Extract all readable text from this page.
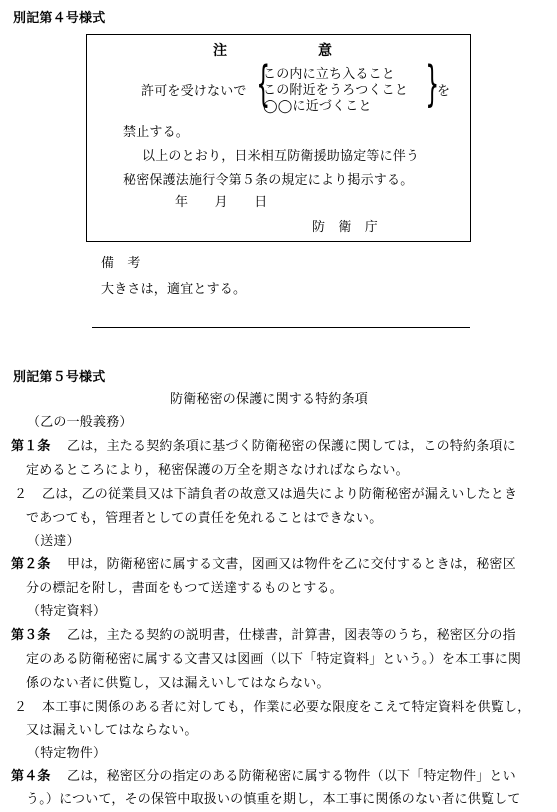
別記第４号様式
注	意
許可を受けないで {
この内に立ち入ること
この附近をうろつくこと
◯◯に近づくこと }
を
禁止する。
以上のとおり，日米相互防衛援助協定等に伴う
秘密保護法施行令第５条の規定により掲示する。
年　　月　　日
防　衛　庁
備　考
大きさは，適宜とする。
別記第５号様式
防衛秘密の保護に関する特約条項
（乙の一般義務）
第１条 乙は，主たる契約条項に基づく防衛秘密の保護に関しては，この特約条項に
定めるところにより，秘密保護の万全を期さなければならない。
２ 乙は，乙の従業員又は下請負者の故意又は過失により防衛秘密が漏えいしたとき
であつても，管理者としての責任を免れることはできない。
（送達）
第２条 甲は，防衛秘密に属する文書，図画又は物件を乙に交付するときは，秘密区
分の標記を附し，書面をもつて送達するものとする。
（特定資料）
第３条 乙は，主たる契約の説明書，仕様書，計算書，図表等のうち，秘密区分の指
定のある防衛秘密に属する文書又は図画（以下「特定資料」という。）を本工事に関
係のない者に供覧し，又は漏えいしてはならない。
２ 本工事に関係のある者に対しても，作業に必要な限度をこえて特定資料を供覧し，
又は漏えいしてはならない。
（特定物件）
第４条 乙は，秘密区分の指定のある防衛秘密に属する物件（以下「特定物件」とい
う。）について，その保管中取扱いの慎重を期し，本工事に関係のない者に供覧して
